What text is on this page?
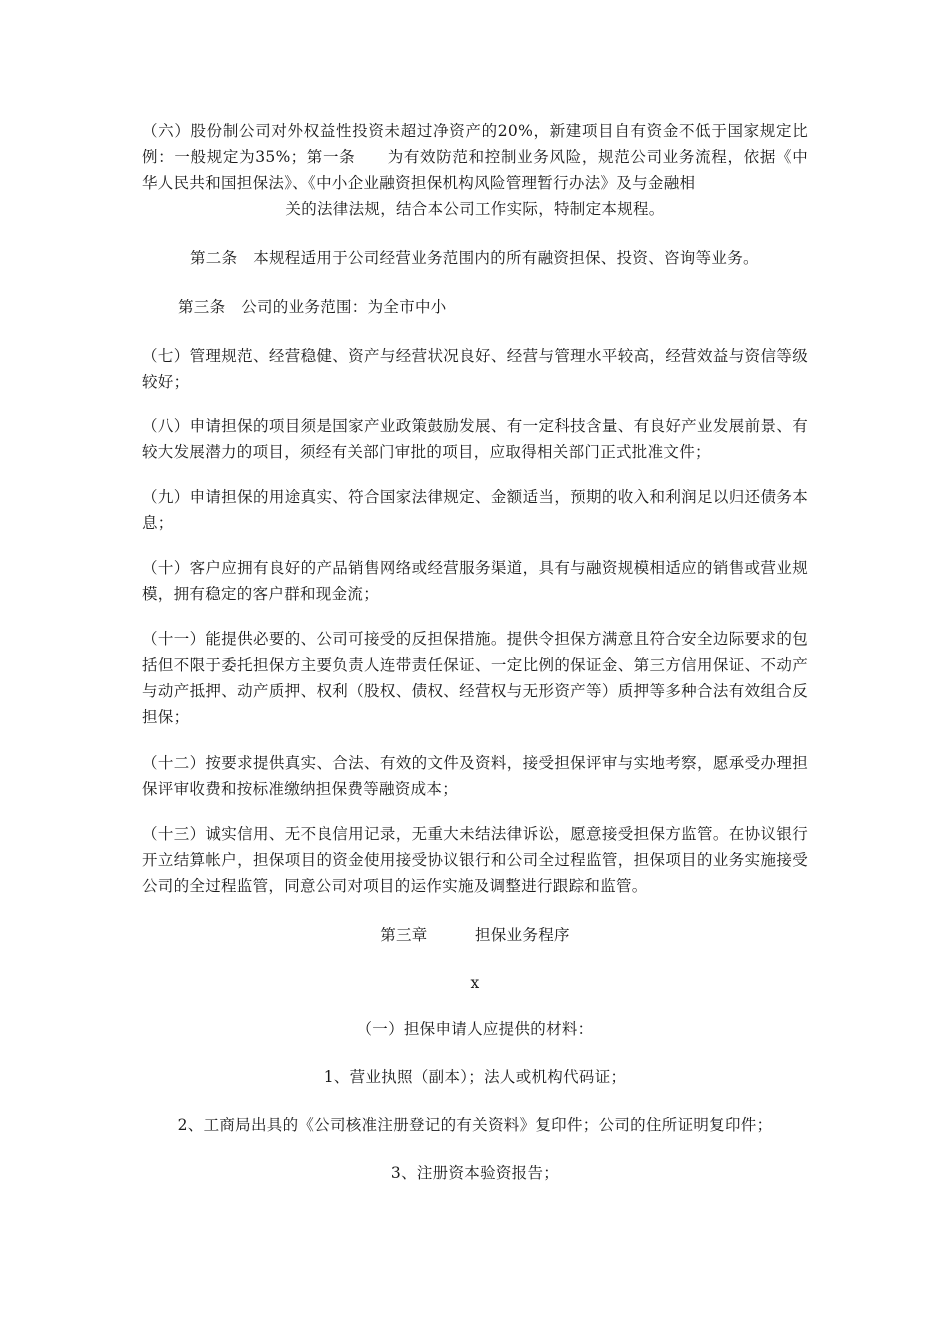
（六）股份制公司对外权益性投资未超过净资产的20%，新建项目自有资金不低于国家规定比例：一般规定为35%；第一条　　为有效防范和控制业务风险，规范公司业务流程，依据《中华人民共和国担保法》、《中小企业融资担保机构风险管理暂行办法》及与金融相
关的法律法规，结合本公司工作实际，特制定本规程。
第二条　本规程适用于公司经营业务范围内的所有融资担保、投资、咨询等业务。
第三条　公司的业务范围：为全市中小
（七）管理规范、经营稳健、资产与经营状况良好、经营与管理水平较高，经营效益与资信等级较好；
（八）申请担保的项目须是国家产业政策鼓励发展、有一定科技含量、有良好产业发展前景、有较大发展潜力的项目，须经有关部门审批的项目，应取得相关部门正式批准文件；
（九）申请担保的用途真实、符合国家法律规定、金额适当，预期的收入和利润足以归还债务本息；
（十）客户应拥有良好的产品销售网络或经营服务渠道，具有与融资规模相适应的销售或营业规模，拥有稳定的客户群和现金流；
（十一）能提供必要的、公司可接受的反担保措施。提供令担保方满意且符合安全边际要求的包括但不限于委托担保方主要负责人连带责任保证、一定比例的保证金、第三方信用保证、不动产与动产抵押、动产质押、权利（股权、债权、经营权与无形资产等）质押等多种合法有效组合反担保；
（十二）按要求提供真实、合法、有效的文件及资料，接受担保评审与实地考察，愿承受办理担保评审收费和按标准缴纳担保费等融资成本；
（十三）诚实信用、无不良信用记录，无重大未结法律诉讼，愿意接受担保方监管。在协议银行开立结算帐户，担保项目的资金使用接受协议银行和公司全过程监管，担保项目的业务实施接受公司的全过程监管，同意公司对项目的运作实施及调整进行跟踪和监管。
第三章　　　担保业务程序
x
（一）担保申请人应提供的材料：
1、营业执照（副本）；法人或机构代码证；
2、工商局出具的《公司核准注册登记的有关资料》复印件；公司的住所证明复印件；
3、注册资本验资报告；
